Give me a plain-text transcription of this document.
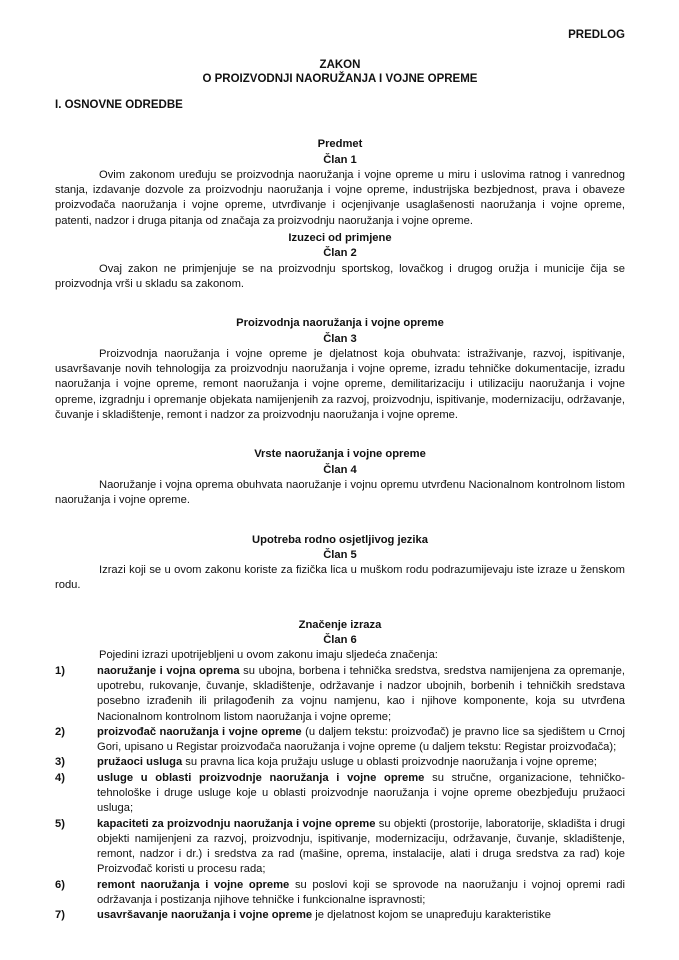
PREDLOG
ZAKON
O PROIZVODNJI NAORUŽANJA I VOJNE OPREME
I. OSNOVNE ODREDBE
Predmet
Član 1

Ovim zakonom uređuju se proizvodnja naoružanja i vojne opreme u miru i uslovima ratnog i vanrednog stanja, izdavanje dozvole za proizvodnju naoružanja i vojne opreme, industrijska bezbjednost, prava i obaveze proizvođača naoružanja i vojne opreme, utvrđivanje i ocjenjivanje usaglašenosti naoružanja i vojne opreme, patenti, nadzor i druga pitanja od značaja za proizvodnju naoružanja i vojne opreme.

Izuzeci od primjene
Član 2

Ovaj zakon ne primjenjuje se na proizvodnju sportskog, lovačkog i drugog oružja i municije čija se proizvodnja vrši u skladu sa zakonom.

Proizvodnja naoružanja i vojne opreme
Član 3

Proizvodnja naoružanja i vojne opreme je djelatnost koja obuhvata: istraživanje, razvoj, ispitivanje, usavršavanje novih tehnologija za proizvodnju naoružanja i vojne opreme, izradu tehničke dokumentacije, izradu naoružanja i vojne opreme, remont naoružanja i vojne opreme, demilitarizaciju i utilizaciju naoružanja i vojne opreme, izgradnju i opremanje objekata namijenjenih za razvoj, proizvodnju, ispitivanje, modernizaciju, održavanje, čuvanje i skladištenje, remont i nadzor za proizvodnju naoružanja i vojne opreme.

Vrste naoružanja i vojne opreme
Član 4

Naoružanje i vojna oprema obuhvata naoružanje i vojnu opremu utvrđenu Nacionalnom kontrolnom listom naoružanja i vojne opreme.

Upotreba rodno osjetljivog jezika
Član 5

Izrazi koji se u ovom zakonu koriste za fizička lica u muškom rodu podrazumijevaju iste izraze u ženskom rodu.

Značenje izraza
Član 6

Pojedini izrazi upotrijebljeni u ovom zakonu imaju sljedeća značenja:

1)	naoružanje i vojna oprema su ubojna, borbena i tehnička sredstva, sredstva namijenjena za opremanje, upotrebu, rukovanje, čuvanje, skladištenje, održavanje i nadzor ubojnih, borbenih i tehničkih sredstava posebno izrađenih ili prilagođenih za vojnu namjenu, kao i njihove komponente, koja su utvrđena Nacionalnom kontrolnom listom naoružanja i vojne opreme;
2)	proizvođač naoružanja i vojne opreme (u daljem tekstu: proizvođač) je pravno lice sa sjedištem u Crnoj Gori, upisano u Registar proizvođača naoružanja i vojne opreme (u daljem tekstu: Registar proizvođača);
3)	pružaoci usluga su pravna lica koja pružaju usluge u oblasti proizvodnje naoružanja i vojne opreme;
4)	usluge u oblasti proizvodnje naoružanja i vojne opreme su stručne, organizacione, tehničko-tehnološke i druge usluge koje u oblasti proizvodnje naoružanja i vojne opreme obezbjeđuju pružaoci usluga;
5)	kapaciteti za proizvodnju naoružanja i vojne opreme su objekti (prostorije, laboratorije, skladišta i drugi objekti namijenjeni za razvoj, proizvodnju, ispitivanje, modernizaciju, održavanje, čuvanje, skladištenje, remont, nadzor i dr.) i sredstva za rad (mašine, oprema, instalacije, alati i druga sredstva za rad) koje Proizvođač koristi u procesu rada;
6)	remont naoružanja i vojne opreme su poslovi koji se sprovode na naoružanju i vojnoj opremi radi održavanja i postizanja njihove tehničke i funkcionalne ispravnosti;
7)	usavršavanje naoružanja i vojne opreme je djelatnost kojom se unapređuju karakteristike
